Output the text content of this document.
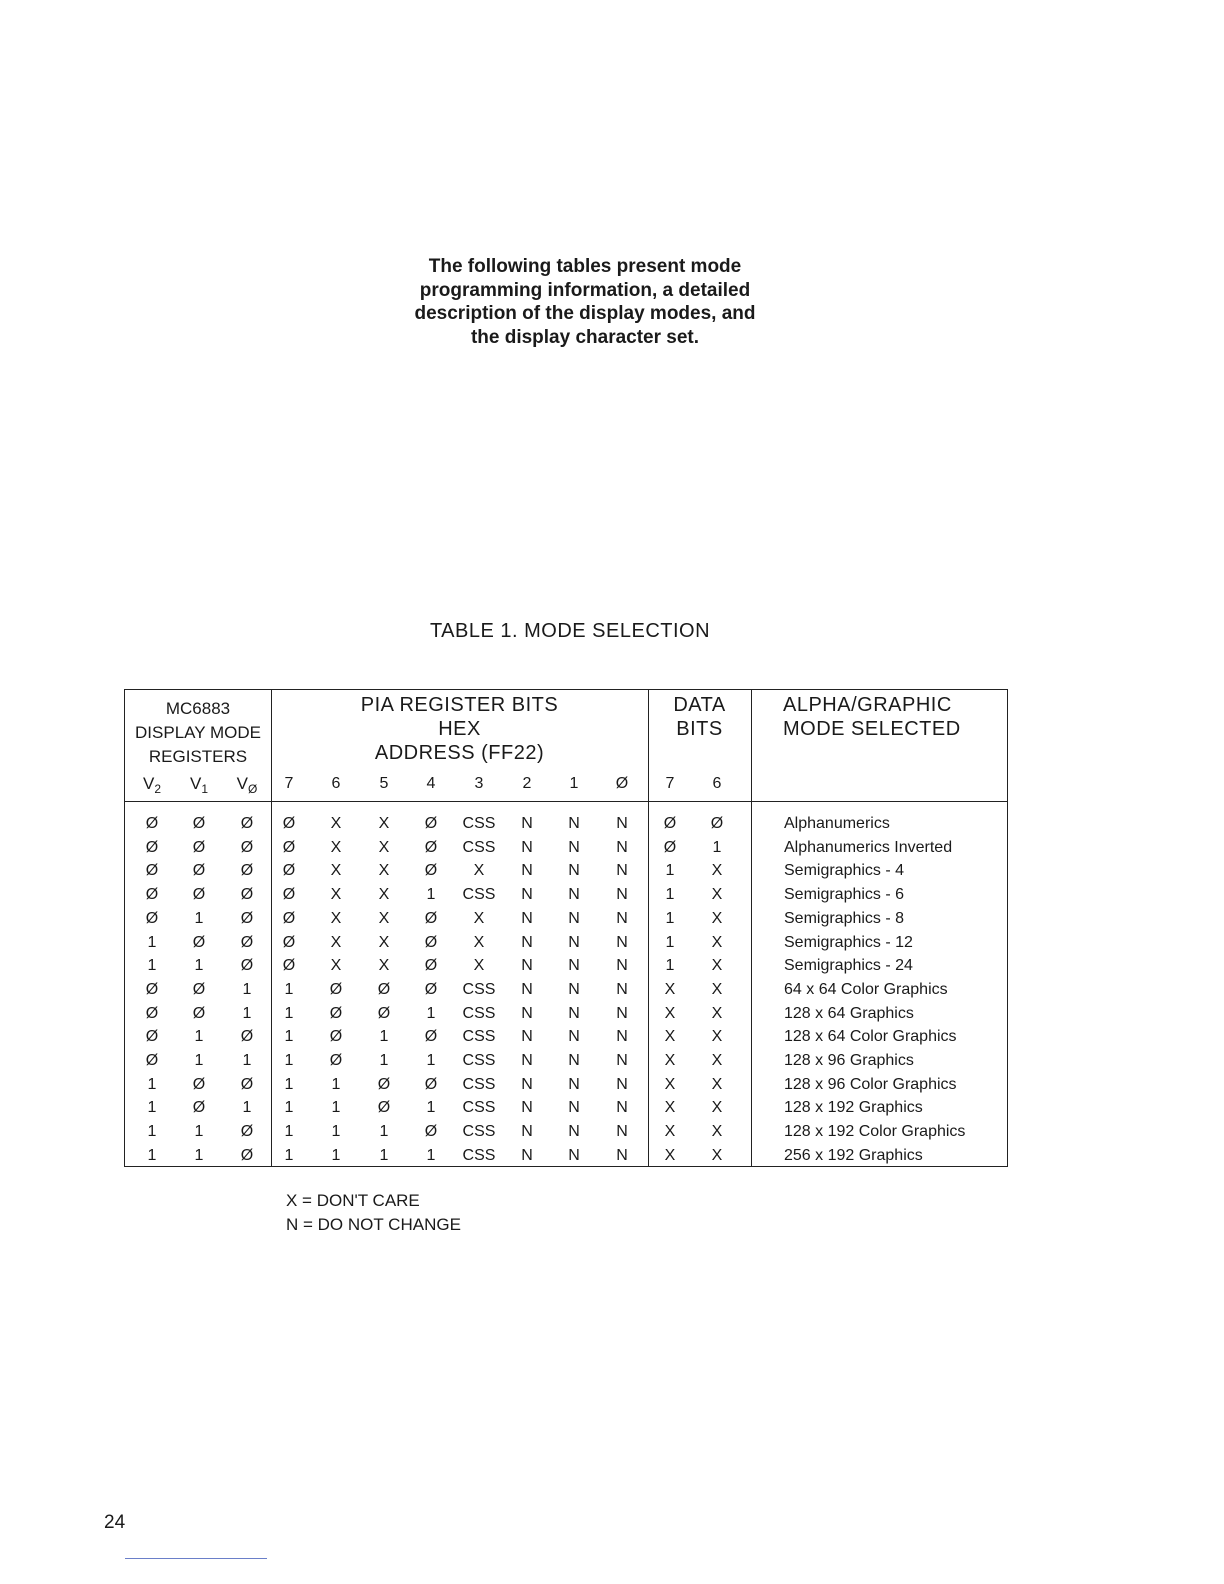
The following tables present mode
programming information, a detailed
description of the display modes, and
the display character set.
TABLE 1. MODE SELECTION
MC6883
DISPLAY MODE
REGISTERS
PIA REGISTER BITS
HEX
ADDRESS (FF22)
DATA
BITS
ALPHA/GRAPHIC
MODE SELECTED
$V_2$	$V_1$	$V_Ø$	7	6	5	4	3	2	1	Ø	7	6
Ø	Ø	Ø	Ø	X	X	Ø	CSS	N	N	N	Ø	Ø	Alphanumerics
Ø	Ø	Ø	Ø	X	X	Ø	CSS	N	N	N	Ø	1	Alphanumerics Inverted
Ø	Ø	Ø	Ø	X	X	Ø	X	N	N	N	1	X	Semigraphics - 4
Ø	Ø	Ø	Ø	X	X	1	CSS	N	N	N	1	X	Semigraphics - 6
Ø	1	Ø	Ø	X	X	Ø	X	N	N	N	1	X	Semigraphics - 8
1	Ø	Ø	Ø	X	X	Ø	X	N	N	N	1	X	Semigraphics - 12
1	1	Ø	Ø	X	X	Ø	X	N	N	N	1	X	Semigraphics - 24
Ø	Ø	1	1	Ø	Ø	Ø	CSS	N	N	N	X	X	64 x 64 Color Graphics
Ø	Ø	1	1	Ø	Ø	1	CSS	N	N	N	X	X	128 x 64 Graphics
Ø	1	Ø	1	Ø	1	Ø	CSS	N	N	N	X	X	128 x 64 Color Graphics
Ø	1	1	1	Ø	1	1	CSS	N	N	N	X	X	128 x 96 Graphics
1	Ø	Ø	1	1	Ø	Ø	CSS	N	N	N	X	X	128 x 96 Color Graphics
1	Ø	1	1	1	Ø	1	CSS	N	N	N	X	X	128 x 192 Graphics
1	1	Ø	1	1	1	Ø	CSS	N	N	N	X	X	128 x 192 Color Graphics
1	1	Ø	1	1	1	1	CSS	N	N	N	X	X	256 x 192 Graphics
X = DON'T CARE
N = DO NOT CHANGE
24
